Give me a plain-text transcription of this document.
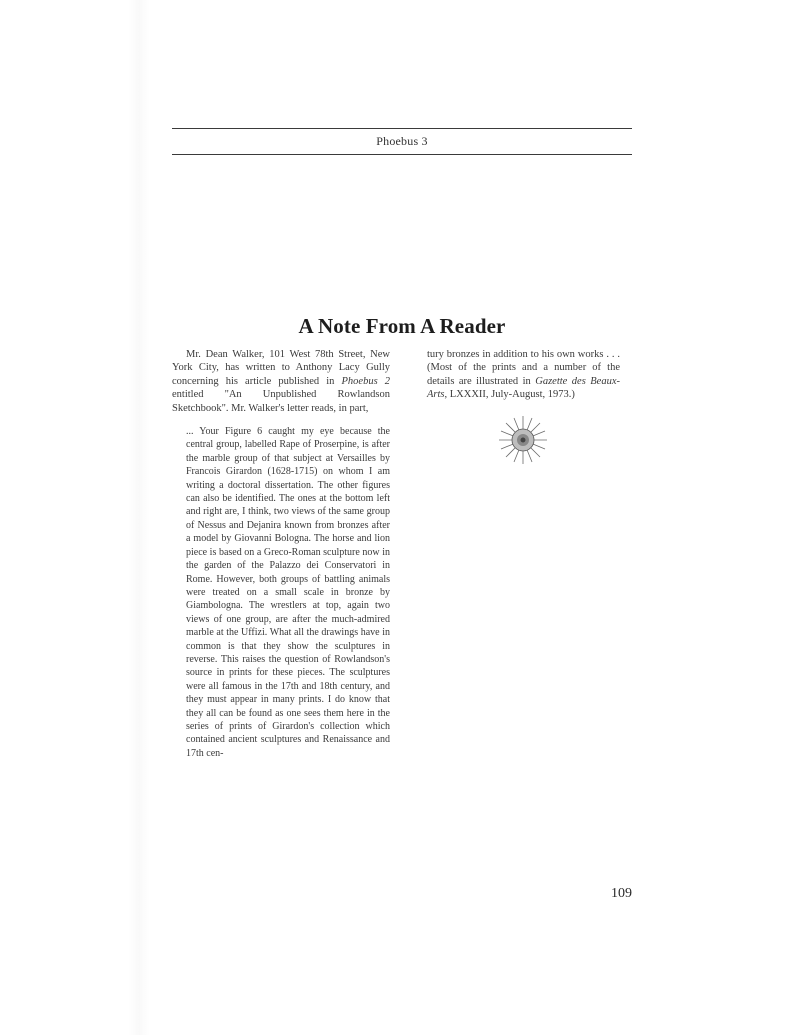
Phoebus 3
A Note From A Reader

Mr. Dean Walker, 101 West 78th Street, New York City, has written to Anthony Lacy Gully concerning his article published in Phoebus 2 entitled "An Unpublished Rowlandson Sketchbook". Mr. Walker's letter reads, in part,

... Your Figure 6 caught my eye because the central group, labelled Rape of Proserpine, is after the marble group of that subject at Versailles by Francois Girardon (1628-1715) on whom I am writing a doctoral dissertation. The other figures can also be identified. The ones at the bottom left and right are, I think, two views of the same group of Nessus and Dejanira known from bronzes after a model by Giovanni Bologna. The horse and lion piece is based on a Greco-Roman sculpture now in the garden of the Palazzo dei Conservatori in Rome. However, both groups of battling animals were treated on a small scale in bronze by Giambologna. The wrestlers at top, again two views of one group, are after the much-admired marble at the Uffizi. What all the drawings have in common is that they show the sculptures in reverse. This raises the question of Rowlandson's source in prints for these pieces. The sculptures were all famous in the 17th and 18th century, and they must appear in many prints. I do know that they all can be found as one sees them here in the series of prints of Girardon's collection which contained ancient sculptures and Renaissance and 17th cen-

tury bronzes in addition to his own works . . . (Most of the prints and a number of the details are illustrated in Gazette des Beaux-Arts, LXXXII, July-August, 1973.)

109
